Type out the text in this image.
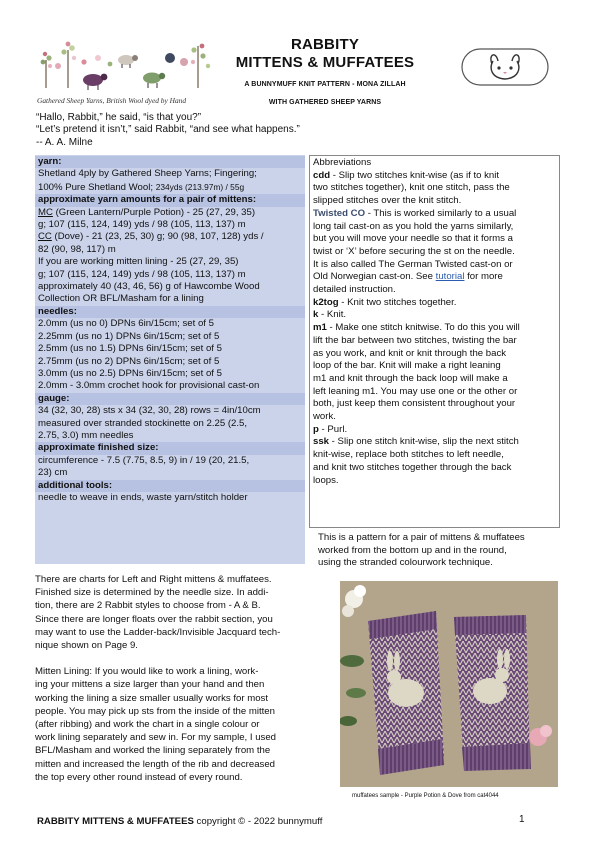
Gathered Sheep Yarns, British Wool dyed by Hand
RABBITY
MITTENS & MUFFATEES
A BUNNYMUFF KNIT PATTERN - MONA ZILLAH
WITH GATHERED SHEEP YARNS
“Hallo, Rabbit,” he said, “is that you?”
“Let’s pretend it isn’t,” said Rabbit, “and see what happens.”
-- A. A. Milne
yarn:
Shetland 4ply by Gathered Sheep Yarns; Fingering;
100% Pure Shetland Wool; 234yds (213.97m) / 55g
approximate yarn amounts for a pair of mittens:
MC (Green Lantern/Purple Potion) - 25 (27, 29, 35)
g; 107 (115, 124, 149) yds / 98 (105, 113, 137) m
CC (Dove) - 21 (23, 25, 30) g; 90 (98, 107, 128) yds /
82 (90, 98, 117) m
If you are working mitten lining - 25 (27, 29, 35)
g; 107 (115, 124, 149) yds / 98 (105, 113, 137) m
approximately 40 (43, 46, 56) g of Hawcombe Wood
Collection OR BFL/Masham for a lining
needles:
2.0mm (us no 0) DPNs 6in/15cm; set of 5
2.25mm (us no 1) DPNs 6in/15cm; set of 5
2.5mm (us no 1.5) DPNs 6in/15cm; set of 5
2.75mm (us no 2) DPNs 6in/15cm; set of 5
3.0mm (us no 2.5) DPNs 6in/15cm; set of 5
2.0mm - 3.0mm crochet hook for provisional cast-on
gauge:
34 (32, 30, 28) sts x 34 (32, 30, 28) rows = 4in/10cm
measured over stranded stockinette on 2.25 (2.5,
2.75, 3.0) mm needles
approximate finished size:
circumference - 7.5 (7.75, 8.5, 9) in / 19 (20, 21.5,
23) cm
additional tools:
needle to weave in ends, waste yarn/stitch holder
Abbreviations
cdd - Slip two stitches knit-wise (as if to knit
two stitches together), knit one stitch, pass the
slipped stitches over the knit stitch.
Twisted CO - This is worked similarly to a usual
long tail cast-on as you hold the yarns similarly,
but you will move your needle so that it forms a
twist or ‘X’ before securing the st on the needle.
It is also called The German Twisted cast-on or
Old Norwegian cast-on. See tutorial for more
detailed instruction.
k2tog - Knit two stitches together.
k - Knit.
m1 - Make one stitch knitwise. To do this you will
lift the bar between two stitches, twisting the bar
as you work, and knit or knit through the back
loop of the bar. Knit will make a right leaning
m1 and knit through the back loop will make a
left leaning m1. You may use one or the other or
both, just keep them consistent throughout your
work.
p - Purl.
ssk - Slip one stitch knit-wise, slip the next stitch
knit-wise, replace both stitches to left needle,
and knit two stitches together through the back
loops.
This is a pattern for a pair of mittens & muffatees
worked from the bottom up and in the round,
using the stranded colourwork technique.
There are charts for Left and Right mittens & muffatees.
Finished size is determined by the needle size. In addi-
tion, there are 2 Rabbit styles to choose from - A & B.
Since there are longer floats over the rabbit section, you
may want to use the Ladder-back/Invisible Jacquard tech-
nique shown on Page 9.
Mitten Lining: If you would like to work a lining, work-
ing your mittens a size larger than your hand and then
working the lining a size smaller usually works for most
people. You may pick up sts from the inside of the mitten
(after ribbing) and work the chart in a single colour or
work lining separately and sew in. For my sample, I used
BFL/Masham and worked the lining separately from the
mitten and increased the length of the rib and decreased
the top every other round instead of every round.
muffatees sample - Purple Potion & Dove from cat4044
RABBITY MITTENS & MUFFATEES copyright © - 2022 bunnymuff	1
